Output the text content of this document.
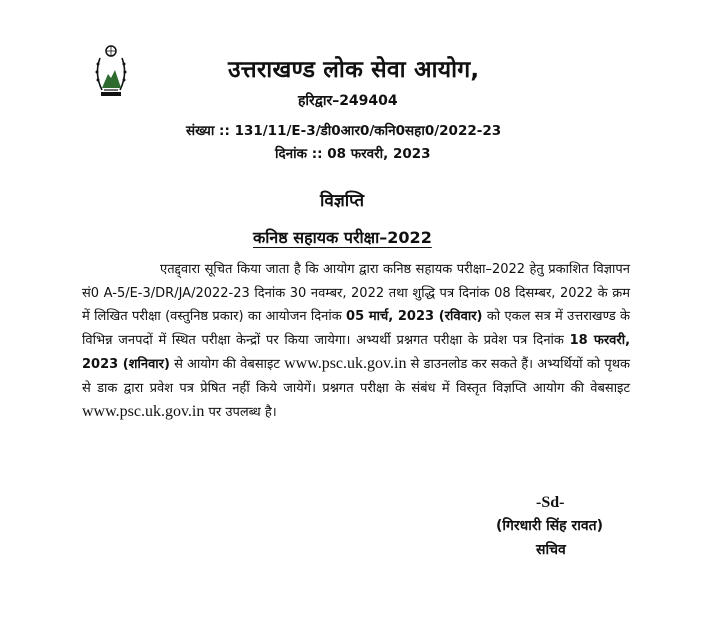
उत्तराखण्ड लोक सेवा आयोग,
हरिद्वार–249404
संख्या :: 131/11/E-3/डी0आर0/कनि0सहा0/2022-23
दिनांक :: 08 फरवरी, 2023
विज्ञप्ति
कनिष्ठ सहायक परीक्षा–2022

एतद्द्वारा सूचित किया जाता है कि आयोग द्वारा कनिष्ठ सहायक परीक्षा–2022 हेतु प्रकाशित विज्ञापन सं0 A-5/E-3/DR/JA/2022-23 दिनांक 30 नवम्बर, 2022 तथा शुद्धि पत्र दिनांक 08 दिसम्बर, 2022 के क्रम में लिखित परीक्षा (वस्तुनिष्ठ प्रकार) का आयोजन दिनांक 05 मार्च, 2023 (रविवार) को एकल सत्र में उत्तराखण्ड के विभिन्न जनपदों में स्थित परीक्षा केन्द्रों पर किया जायेगा। अभ्यर्थी प्रश्नगत परीक्षा के प्रवेश पत्र दिनांक 18 फरवरी, 2023 (शनिवार) से आयोग की वेबसाइट www.psc.uk.gov.in से डाउनलोड कर सकते हैं। अभ्यर्थियों को पृथक से डाक द्वारा प्रवेश पत्र प्रेषित नहीं किये जायेगें। प्रश्नगत परीक्षा के संबंध में विस्तृत विज्ञप्ति आयोग की वेबसाइट www.psc.uk.gov.in पर उपलब्ध है।

-Sd-
(गिरधारी सिंह रावत)
सचिव
